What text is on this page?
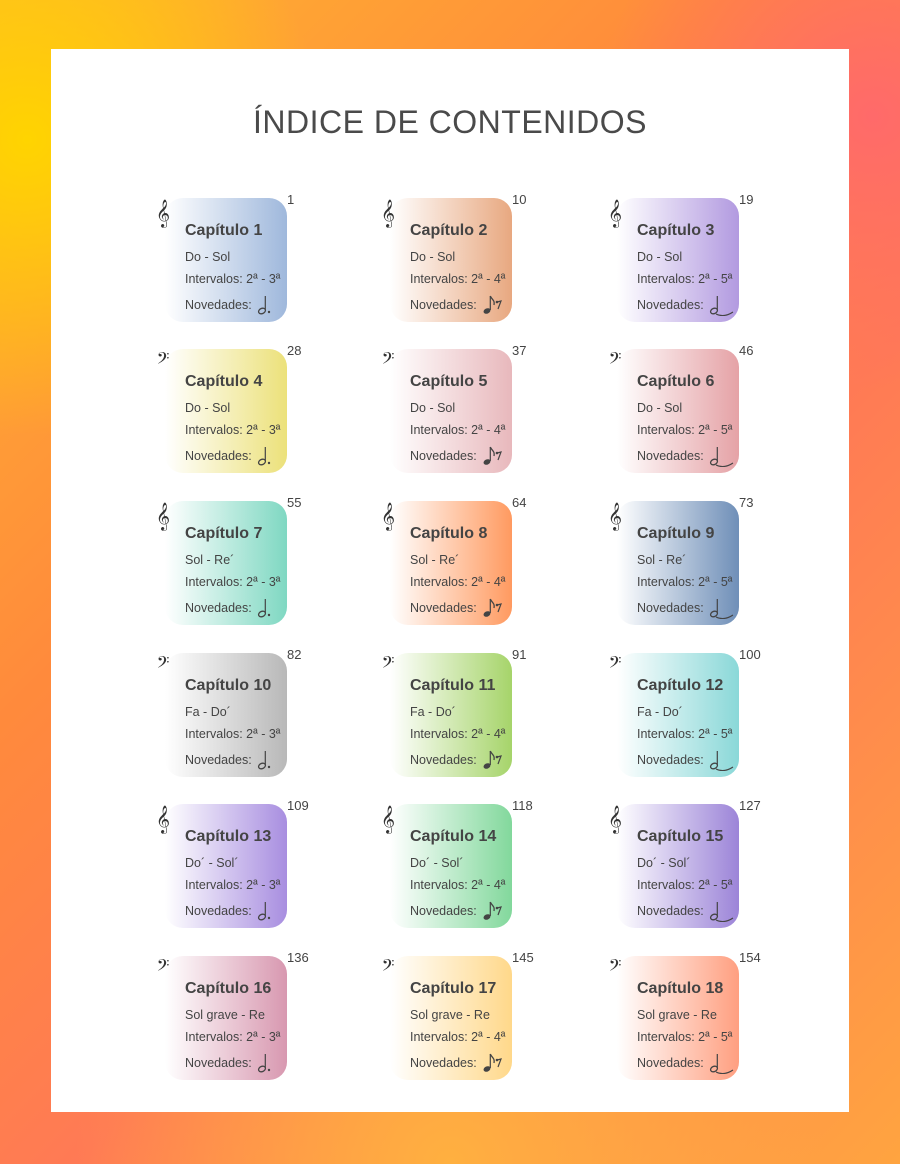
ÍNDICE DE CONTENIDOS
Capítulo 1
Do - Sol
Intervalos: 2ª - 3ª
Novedades:
𝄞	1
Capítulo 2
Do - Sol
Intervalos: 2ª - 4ª
Novedades:
𝄞	10
Capítulo 3
Do - Sol
Intervalos: 2ª - 5ª
Novedades:
𝄞	19
Capítulo 4
Do - Sol
Intervalos: 2ª - 3ª
Novedades:
𝄢	28
Capítulo 5
Do - Sol
Intervalos: 2ª - 4ª
Novedades:
𝄢	37
Capítulo 6
Do - Sol
Intervalos: 2ª - 5ª
Novedades:
𝄢	46
Capítulo 7
Sol - Re´
Intervalos: 2ª - 3ª
Novedades:
𝄞	55
Capítulo 8
Sol - Re´
Intervalos: 2ª - 4ª
Novedades:
𝄞	64
Capítulo 9
Sol - Re´
Intervalos: 2ª - 5ª
Novedades:
𝄞	73
Capítulo 10
Fa - Do´
Intervalos: 2ª - 3ª
Novedades:
𝄢	82
Capítulo 11
Fa - Do´
Intervalos: 2ª - 4ª
Novedades:
𝄢	91
Capítulo 12
Fa - Do´
Intervalos: 2ª - 5ª
Novedades:
𝄢	100
Capítulo 13
Do´ - Sol´
Intervalos: 2ª - 3ª
Novedades:
𝄞	109
Capítulo 14
Do´ - Sol´
Intervalos: 2ª - 4ª
Novedades:
𝄞	118
Capítulo 15
Do´ - Sol´
Intervalos: 2ª - 5ª
Novedades:
𝄞	127
Capítulo 16
Sol grave - Re
Intervalos: 2ª - 3ª
Novedades:
𝄢	136
Capítulo 17
Sol grave - Re
Intervalos: 2ª - 4ª
Novedades:
𝄢	145
Capítulo 18
Sol grave - Re
Intervalos: 2ª - 5ª
Novedades:
𝄢	154
